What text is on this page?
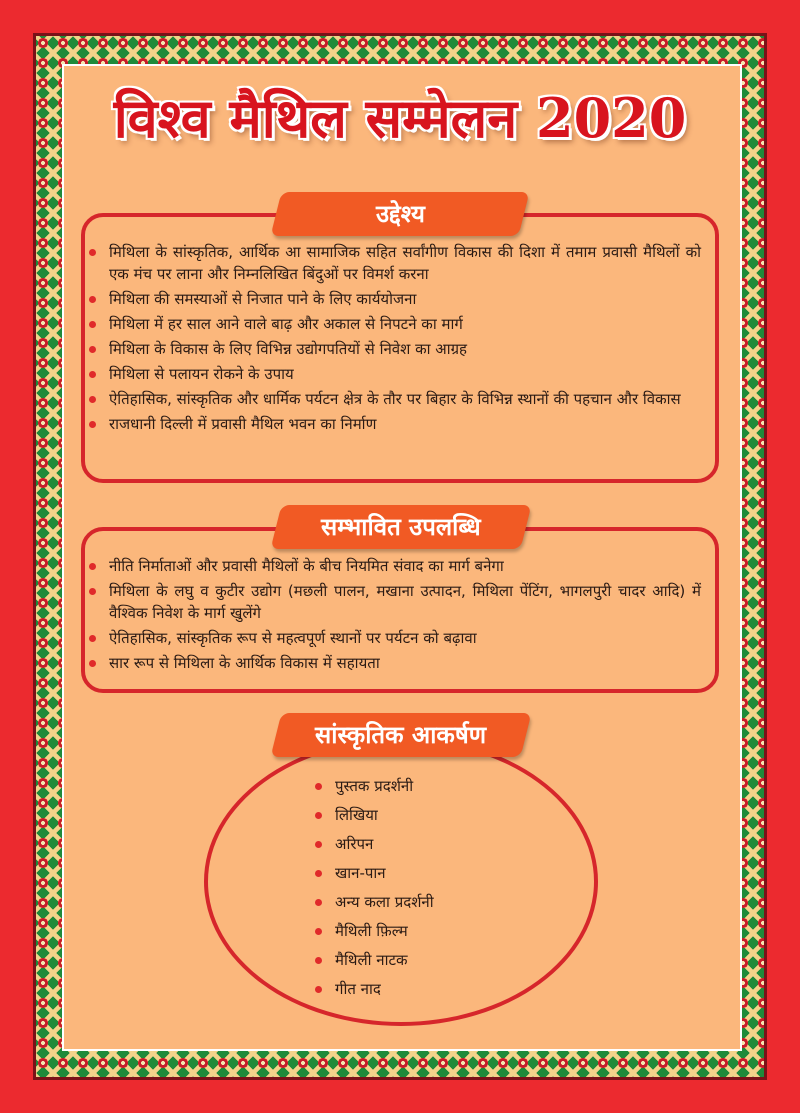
विश्व मैथिल सम्मेलन 2020
उद्देश्य
मिथिला के सांस्कृतिक, आर्थिक आ सामाजिक सहित सर्वांगीण विकास की दिशा में तमाम प्रवासी मैथिलों को एक मंच पर लाना और निम्नलिखित बिंदुओं पर विमर्श करना
मिथिला की समस्याओं से निजात पाने के लिए कार्ययोजना
मिथिला में हर साल आने वाले बाढ़ और अकाल से निपटने का मार्ग
मिथिला के विकास के लिए विभिन्न उद्योगपतियों से निवेश का आग्रह
मिथिला से पलायन रोकने के उपाय
ऐतिहासिक, सांस्कृतिक और धार्मिक पर्यटन क्षेत्र के तौर पर बिहार के विभिन्न स्थानों की पहचान और विकास
राजधानी दिल्ली में प्रवासी मैथिल भवन का निर्माण
सम्भावित उपलब्धि
नीति निर्माताओं और प्रवासी मैथिलों के बीच नियमित संवाद का मार्ग बनेगा
मिथिला के लघु व कुटीर उद्योग (मछली पालन, मखाना उत्पादन, मिथिला पेंटिंग, भागलपुरी चादर आदि) में वैश्विक निवेश के मार्ग खुलेंगे
ऐतिहासिक, सांस्कृतिक रूप से महत्वपूर्ण स्थानों पर पर्यटन को बढ़ावा
सार रूप से मिथिला के आर्थिक विकास में सहायता
सांस्कृतिक आकर्षण
पुस्तक प्रदर्शनी
लिखिया
अरिपन
खान-पान
अन्य कला प्रदर्शनी
मैथिली फ़िल्म
मैथिली नाटक
गीत नाद
